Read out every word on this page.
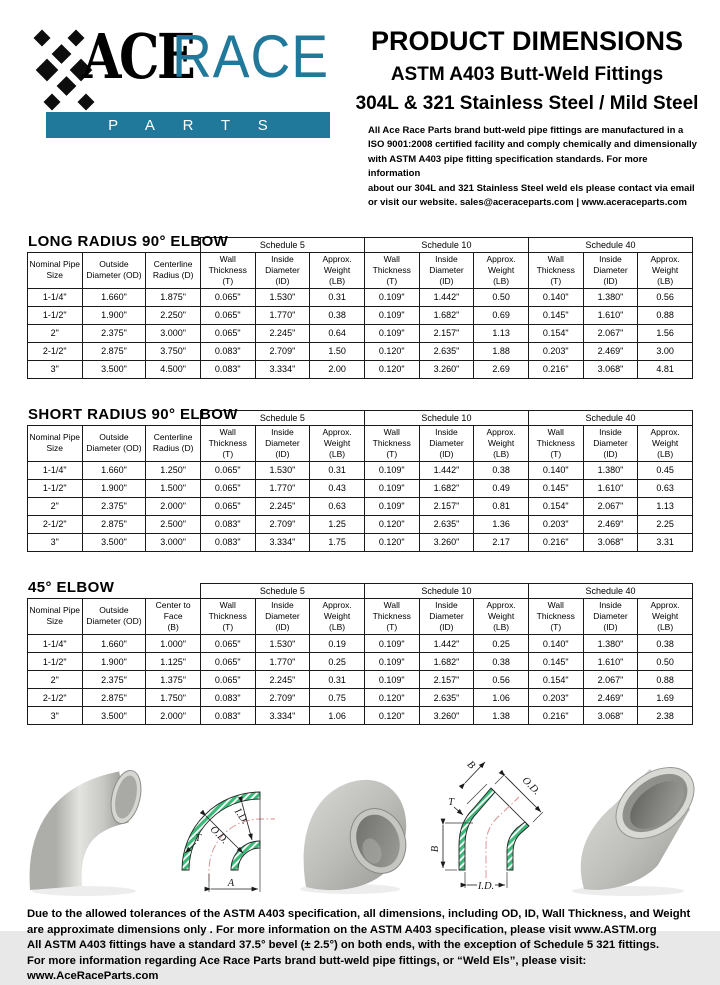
ACE
RACE
PARTS
PRODUCT DIMENSIONS
ASTM A403 Butt-Weld Fittings
304L & 321 Stainless Steel / Mild Steel
All Ace Race Parts brand butt-weld pipe fittings are manufactured in a
ISO 9001:2008 certified facility and comply chemically and dimensionally
with ASTM A403 pipe fitting specification standards. For more information
about our 304L and 321 Stainless Steel weld els please contact via email
or visit our website. sales@aceraceparts.com | www.aceraceparts.com
LONG RADIUS 90° ELBOW
			Schedule 5			Schedule 10			Schedule 40		
Nominal Pipe
Size	Outside
Diameter (OD)	Centerline
Radius (D)	Wall Thickness
(T)	Inside Diameter
(ID)	Approx. Weight
(LB)	Wall Thickness
(T)	Inside Diameter
(ID)	Approx. Weight
(LB)	Wall Thickness
(T)	Inside Diameter
(ID)	Approx. Weight
(LB)
1-1/4"	1.660"	1.875"	0.065"	1.530"	0.31	0.109"	1.442"	0.50	0.140"	1.380"	0.56
1-1/2"	1.900"	2.250"	0.065"	1.770"	0.38	0.109"	1.682"	0.69	0.145"	1.610"	0.88
2"	2.375"	3.000"	0.065"	2.245"	0.64	0.109"	2.157"	1.13	0.154"	2.067"	1.56
2-1/2"	2.875"	3.750"	0.083"	2.709"	1.50	0.120"	2.635"	1.88	0.203"	2.469"	3.00
3"	3.500"	4.500"	0.083"	3.334"	2.00	0.120"	3.260"	2.69	0.216"	3.068"	4.81
SHORT RADIUS 90° ELBOW
			Schedule 5			Schedule 10			Schedule 40		
Nominal Pipe
Size	Outside
Diameter (OD)	Centerline
Radius (D)	Wall Thickness
(T)	Inside Diameter
(ID)	Approx. Weight
(LB)	Wall Thickness
(T)	Inside Diameter
(ID)	Approx. Weight
(LB)	Wall Thickness
(T)	Inside Diameter
(ID)	Approx. Weight
(LB)
1-1/4"	1.660"	1.250"	0.065"	1.530"	0.31	0.109"	1.442"	0.38	0.140"	1.380"	0.45
1-1/2"	1.900"	1.500"	0.065"	1.770"	0.43	0.109"	1.682"	0.49	0.145"	1.610"	0.63
2"	2.375"	2.000"	0.065"	2.245"	0.63	0.109"	2.157"	0.81	0.154"	2.067"	1.13
2-1/2"	2.875"	2.500"	0.083"	2.709"	1.25	0.120"	2.635"	1.36	0.203"	2.469"	2.25
3"	3.500"	3.000"	0.083"	3.334"	1.75	0.120"	3.260"	2.17	0.216"	3.068"	3.31
45° ELBOW
			Schedule 5			Schedule 10			Schedule 40		
Nominal Pipe
Size	Outside
Diameter (OD)	Center to Face
(B)	Wall Thickness
(T)	Inside Diameter
(ID)	Approx. Weight
(LB)	Wall Thickness
(T)	Inside Diameter
(ID)	Approx. Weight
(LB)	Wall Thickness
(T)	Inside Diameter
(ID)	Approx. Weight
(LB)
1-1/4"	1.660"	1.000"	0.065"	1.530"	0.19	0.109"	1.442"	0.25	0.140"	1.380"	0.38
1-1/2"	1.900"	1.125"	0.065"	1.770"	0.25	0.109"	1.682"	0.38	0.145"	1.610"	0.50
2"	2.375"	1.375"	0.065"	2.245"	0.31	0.109"	2.157"	0.56	0.154"	2.067"	0.88
2-1/2"	2.875"	1.750"	0.083"	2.709"	0.75	0.120"	2.635"	1.06	0.203"	2.469"	1.69
3"	3.500"	2.000"	0.083"	3.334"	1.06	0.120"	3.260"	1.38	0.216"	3.068"	2.38
A
O.D.
I.D.
T
I.D.
B
B
O.D.
T
Due to the allowed tolerances of the ASTM A403 specification, all dimensions, including OD, ID, Wall Thickness, and Weight
are approximate dimensions only . For more information on the ASTM A403 specification, please visit www.ASTM.org
All ASTM A403 fittings have a standard 37.5° bevel (± 2.5°) on both ends, with the exception of Schedule 5 321 fittings.
For more information regarding Ace Race Parts brand butt-weld pipe fittings, or “Weld Els”, please visit: www.AceRaceParts.com
